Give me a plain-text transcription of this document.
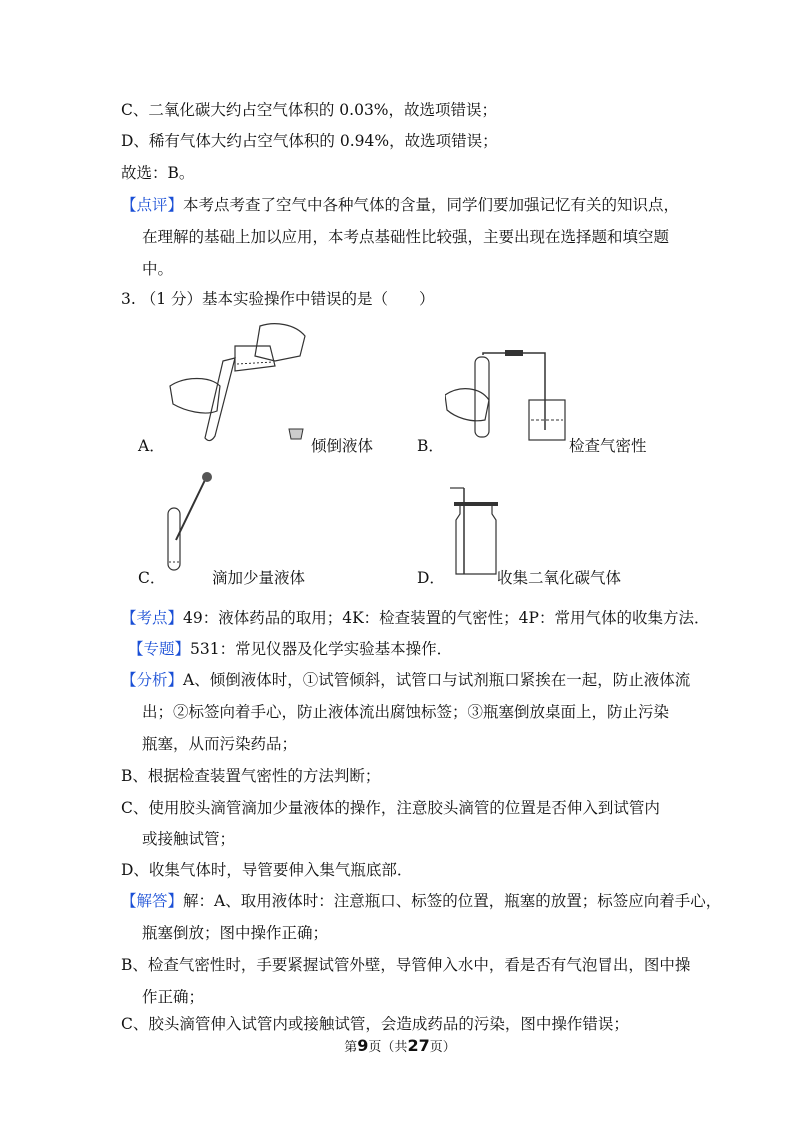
C、二氧化碳大约占空气体积的 0.03%，故选项错误；
D、稀有气体大约占空气体积的 0.94%，故选项错误；
故选：B。
【点评】本考点考查了空气中各种气体的含量，同学们要加强记忆有关的知识点，
在理解的基础上加以应用，本考点基础性比较强，主要出现在选择题和填空题
中。
3. （1 分）基本实验操作中错误的是（　　）
A．	倾倒液体	B．	检查气密性
C．	滴加少量液体	D．	收集二氧化碳气体
【考点】49：液体药品的取用；4K：检查装置的气密性；4P：常用气体的收集方法．
【专题】531：常见仪器及化学实验基本操作．
【分析】A、倾倒液体时，①试管倾斜，试管口与试剂瓶口紧挨在一起，防止液体流
出；②标签向着手心，防止液体流出腐蚀标签；③瓶塞倒放桌面上，防止污染
瓶塞，从而污染药品；
B、根据检查装置气密性的方法判断；
C、使用胶头滴管滴加少量液体的操作，注意胶头滴管的位置是否伸入到试管内
或接触试管；
D、收集气体时，导管要伸入集气瓶底部．
【解答】解：A、取用液体时：注意瓶口、标签的位置，瓶塞的放置；标签应向着手心，
瓶塞倒放；图中操作正确；
B、检查气密性时，手要紧握试管外壁，导管伸入水中，看是否有气泡冒出，图中操
作正确；
C、胶头滴管伸入试管内或接触试管，会造成药品的污染，图中操作错误；
第9页（共27页）
